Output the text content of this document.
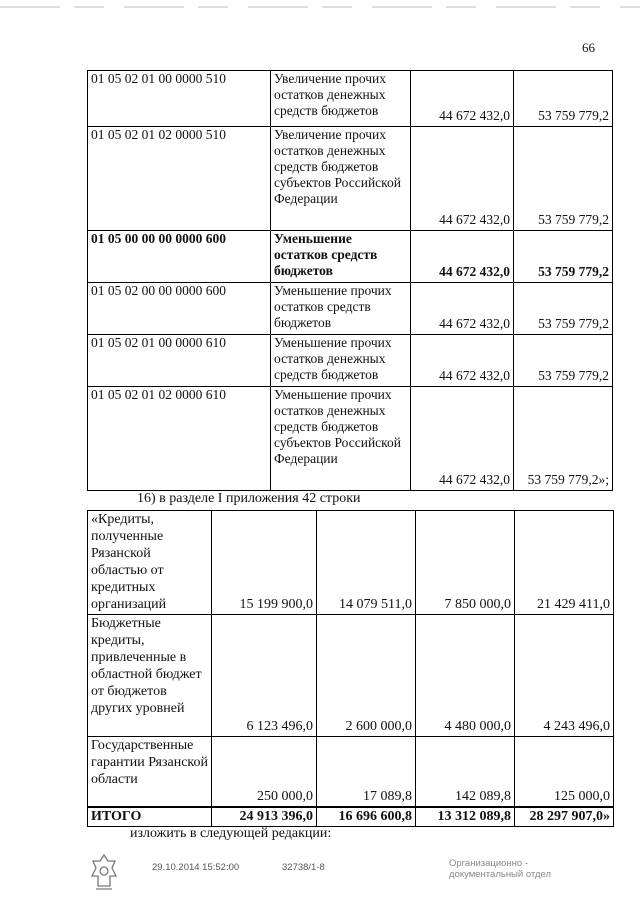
66
01 05 02 01 00 0000 510	Увеличение прочих остатков денежных средств бюджетов	44 672 432,0	53 759 779,2
01 05 02 01 02 0000 510	Увеличение прочих остатков денежных средств бюджетов субъектов Российской Федерации	44 672 432,0	53 759 779,2
01 05 00 00 00 0000 600	Уменьшение остатков средств бюджетов	44 672 432,0	53 759 779,2
01 05 02 00 00 0000 600	Уменьшение прочих остатков средств бюджетов	44 672 432,0	53 759 779,2
01 05 02 01 00 0000 610	Уменьшение прочих остатков денежных средств бюджетов	44 672 432,0	53 759 779,2
01 05 02 01 02 0000 610	Уменьшение прочих остатков денежных средств бюджетов субъектов Российской Федерации	44 672 432,0	53 759 779,2»;
16) в разделе I приложения 42 строки
«Кредиты, полученные Рязанской областью от кредитных организаций	15 199 900,0	14 079 511,0	7 850 000,0	21 429 411,0
Бюджетные кредиты, привлеченные в областной бюджет от бюджетов других уровней	6 123 496,0	2 600 000,0	4 480 000,0	4 243 496,0
Государственные гарантии Рязанской области	250 000,0	17 089,8	142 089,8	125 000,0
ИТОГО	24 913 396,0	16 696 600,8	13 312 089,8	28 297 907,0»
изложить в следующей редакции:
29.10.2014 15:52:00	32738/1-8	Организационно -
документальный отдел
